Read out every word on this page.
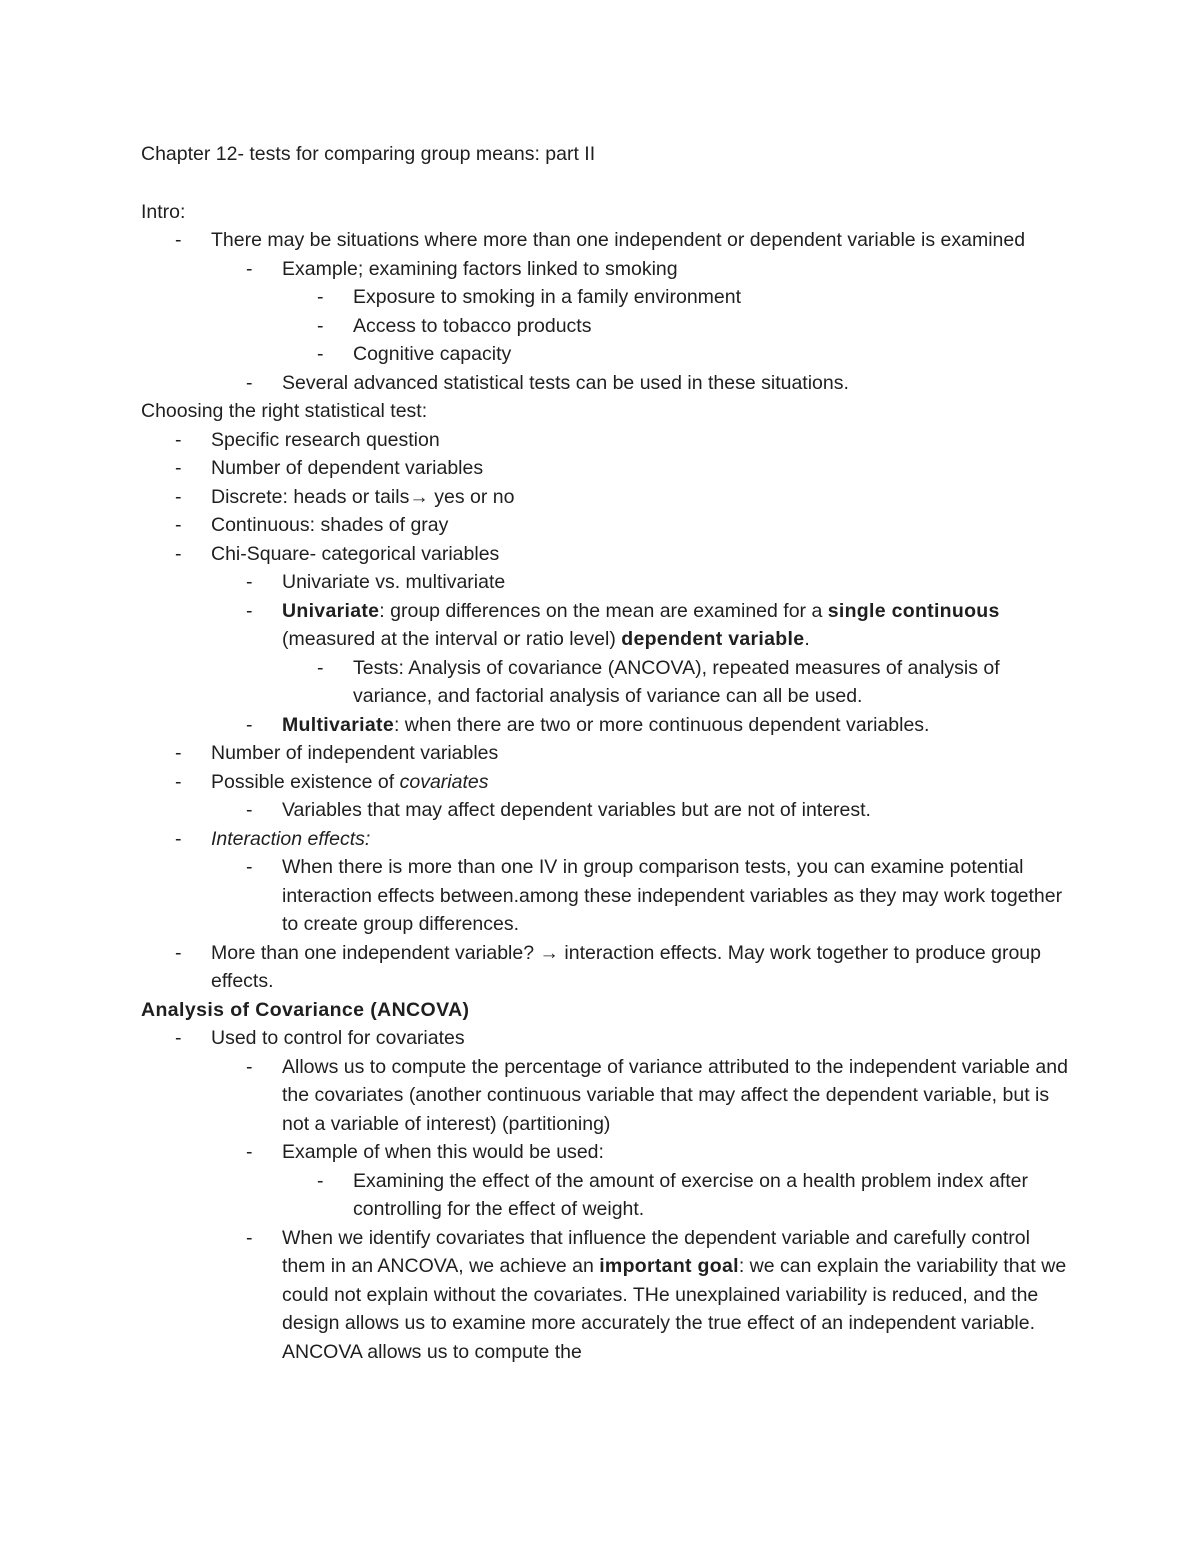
Chapter 12- tests for comparing group means: part II
Intro:
- There may be situations where more than one independent or dependent variable is examined
- Example; examining factors linked to smoking
- Exposure to smoking in a family environment
- Access to tobacco products
- Cognitive capacity
- Several advanced statistical tests can be used in these situations.
Choosing the right statistical test:
- Specific research question
- Number of dependent variables
- Discrete: heads or tails→ yes or no
- Continuous: shades of gray
- Chi-Square- categorical variables
- Univariate vs. multivariate
- Univariate: group differences on the mean are examined for a single continuous (measured at the interval or ratio level) dependent variable.
- Tests: Analysis of covariance (ANCOVA), repeated measures of analysis of variance, and factorial analysis of variance can all be used.
- Multivariate: when there are two or more continuous dependent variables.
- Number of independent variables
- Possible existence of covariates
- Variables that may affect dependent variables but are not of interest.
- Interaction effects:
- When there is more than one IV in group comparison tests, you can examine potential interaction effects between.among these independent variables as they may work together to create group differences.
- More than one independent variable? → interaction effects. May work together to produce group effects.
Analysis of Covariance (ANCOVA)
- Used to control for covariates
- Allows us to compute the percentage of variance attributed to the independent variable and the covariates (another continuous variable that may affect the dependent variable, but is not a variable of interest) (partitioning)
- Example of when this would be used:
- Examining the effect of the amount of exercise on a health problem index after controlling for the effect of weight.
- When we identify covariates that influence the dependent variable and carefully control them in an ANCOVA, we achieve an important goal: we can explain the variability that we could not explain without the covariates. THe unexplained variability is reduced, and the design allows us to examine more accurately the true effect of an independent variable. ANCOVA allows us to compute the
